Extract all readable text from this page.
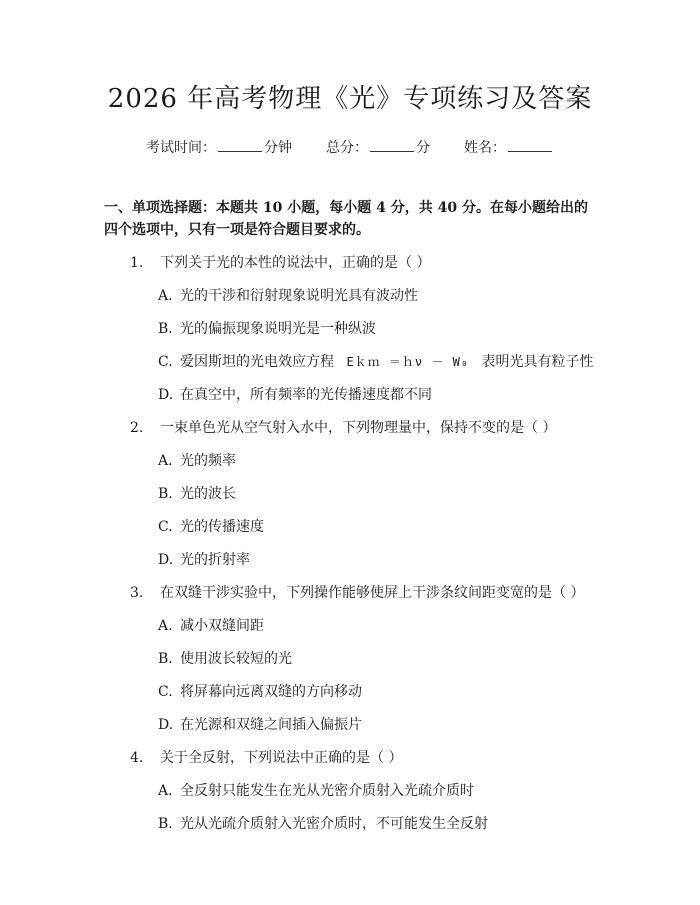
2026 年高考物理《光》专项练习及答案
考试时间：	分钟 总分：	分 姓名：
一、单项选择题：本题共 10 小题，每小题 4 分，共 40 分。在每小题给出的四个选项中，只有一项是符合题目要求的。
1.	下列关于光的本性的说法中，正确的是（ ）
A. 光的干涉和衍射现象说明光具有波动性
B. 光的偏振现象说明光是一种纵波
C. 爱因斯坦的光电效应方程 Eｋｍ ＝ｈν － W₀ 表明光具有粒子性
D. 在真空中，所有频率的光传播速度都不同
2.	一束单色光从空气射入水中，下列物理量中，保持不变的是（ ）
A. 光的频率
B. 光的波长
C. 光的传播速度
D. 光的折射率
3.	在双缝干涉实验中，下列操作能够使屏上干涉条纹间距变宽的是（ ）
A. 减小双缝间距
B. 使用波长较短的光
C. 将屏幕向远离双缝的方向移动
D. 在光源和双缝之间插入偏振片
4.	关于全反射，下列说法中正确的是（ ）
A. 全反射只能发生在光从光密介质射入光疏介质时
B. 光从光疏介质射入光密介质时，不可能发生全反射
